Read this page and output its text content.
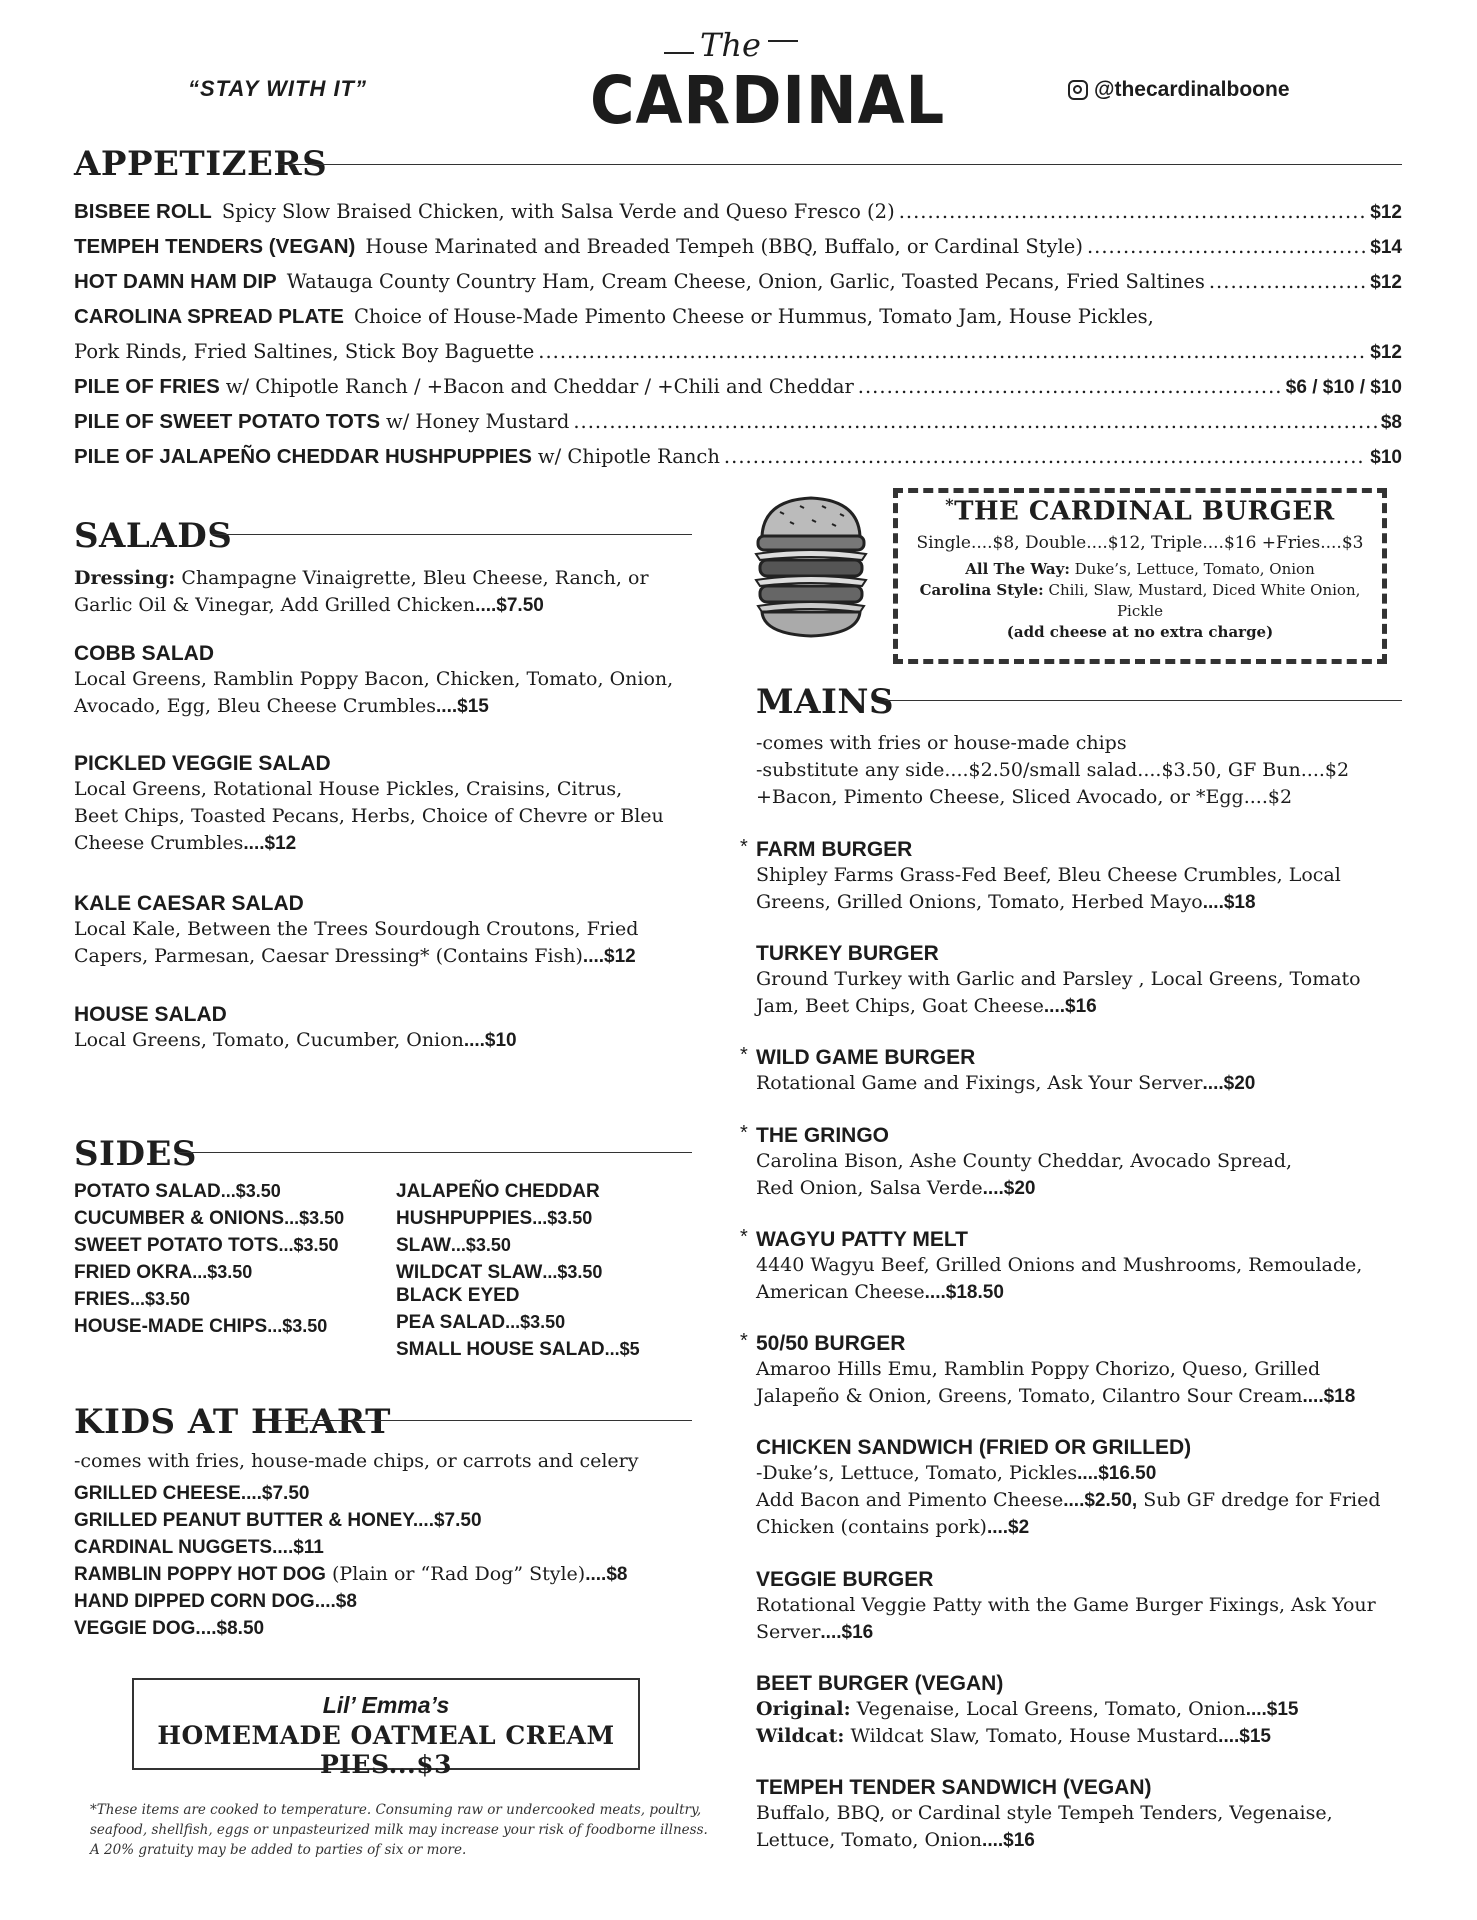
“STAY WITH IT”
The
CARDINAL	@thecardinalboone
APPETIZERS
BISBEE ROLL Spicy Slow Braised Chicken, with Salsa Verde and Queso Fresco (2) .....	$12
TEMPEH TENDERS (VEGAN) House Marinated and Breaded Tempeh (BBQ, Buffalo, or Cardinal Style) .....	$14
HOT DAMN HAM DIP Watauga County Country Ham, Cream Cheese, Onion, Garlic, Toasted Pecans, Fried Saltines .....	$12
CAROLINA SPREAD PLATE Choice of House-Made Pimento Cheese or Hummus, Tomato Jam, House Pickles,
Pork Rinds, Fried Saltines, Stick Boy Baguette .....	$12
PILE OF FRIES w/ Chipotle Ranch / +Bacon and Cheddar / +Chili and Cheddar .....	$6 / $10 / $10
PILE OF SWEET POTATO TOTS w/ Honey Mustard .....	$8
PILE OF JALAPEÑO CHEDDAR HUSHPUPPIES w/ Chipotle Ranch .....	$10
SALADS
Dressing: Champagne Vinaigrette, Bleu Cheese, Ranch, or
Garlic Oil & Vinegar, Add Grilled Chicken....$7.50
COBB SALAD
Local Greens, Ramblin Poppy Bacon, Chicken, Tomato, Onion,
Avocado, Egg, Bleu Cheese Crumbles....$15
PICKLED VEGGIE SALAD
Local Greens, Rotational House Pickles, Craisins, Citrus,
Beet Chips, Toasted Pecans, Herbs, Choice of Chevre or Bleu
Cheese Crumbles....$12
KALE CAESAR SALAD
Local Kale, Between the Trees Sourdough Croutons, Fried
Capers, Parmesan, Caesar Dressing* (Contains Fish)....$12
HOUSE SALAD
Local Greens, Tomato, Cucumber, Onion....$10
SIDES
POTATO SALAD...$3.50
CUCUMBER & ONIONS...$3.50
SWEET POTATO TOTS...$3.50
FRIED OKRA...$3.50
FRIES...$3.50
HOUSE-MADE CHIPS...$3.50
JALAPEÑO CHEDDAR
HUSHPUPPIES...$3.50
SLAW...$3.50
WILDCAT SLAW...$3.50
BLACK EYED
PEA SALAD...$3.50
SMALL HOUSE SALAD...$5
KIDS AT HEART
-comes with fries, house-made chips, or carrots and celery
GRILLED CHEESE....$7.50
GRILLED PEANUT BUTTER & HONEY....$7.50
CARDINAL NUGGETS....$11
RAMBLIN POPPY HOT DOG (Plain or “Rad Dog” Style)....$8
HAND DIPPED CORN DOG....$8
VEGGIE DOG....$8.50
Lil’ Emma’s
HOMEMADE OATMEAL CREAM PIES...$3
*These items are cooked to temperature. Consuming raw or undercooked meats, poultry,
seafood, shellfish, eggs or unpasteurized milk may increase your risk of foodborne illness.
A 20% gratuity may be added to parties of six or more.
*THE CARDINAL BURGER
Single....$8, Double....$12, Triple....$16 +Fries....$3
All The Way: Duke’s, Lettuce, Tomato, Onion
Carolina Style: Chili, Slaw, Mustard, Diced White Onion,
Pickle
(add cheese at no extra charge)
MAINS
-comes with fries or house-made chips
-substitute any side....$2.50/small salad....$3.50, GF Bun....$2
+Bacon, Pimento Cheese, Sliced Avocado, or *Egg....$2
* FARM BURGER
Shipley Farms Grass-Fed Beef, Bleu Cheese Crumbles, Local
Greens, Grilled Onions, Tomato, Herbed Mayo....$18
TURKEY BURGER
Ground Turkey with Garlic and Parsley , Local Greens, Tomato
Jam, Beet Chips, Goat Cheese....$16
* WILD GAME BURGER
Rotational Game and Fixings, Ask Your Server....$20
* THE GRINGO
Carolina Bison, Ashe County Cheddar, Avocado Spread,
Red Onion, Salsa Verde....$20
* WAGYU PATTY MELT
4440 Wagyu Beef, Grilled Onions and Mushrooms, Remoulade,
American Cheese....$18.50
* 50/50 BURGER
Amaroo Hills Emu, Ramblin Poppy Chorizo, Queso, Grilled
Jalapeño & Onion, Greens, Tomato, Cilantro Sour Cream....$18
CHICKEN SANDWICH (FRIED OR GRILLED)
-Duke’s, Lettuce, Tomato, Pickles....$16.50
Add Bacon and Pimento Cheese....$2.50, Sub GF dredge for Fried
Chicken (contains pork)....$2
VEGGIE BURGER
Rotational Veggie Patty with the Game Burger Fixings, Ask Your
Server....$16
BEET BURGER (VEGAN)
Original: Vegenaise, Local Greens, Tomato, Onion....$15
Wildcat: Wildcat Slaw, Tomato, House Mustard....$15
TEMPEH TENDER SANDWICH (VEGAN)
Buffalo, BBQ, or Cardinal style Tempeh Tenders, Vegenaise,
Lettuce, Tomato, Onion....$16
